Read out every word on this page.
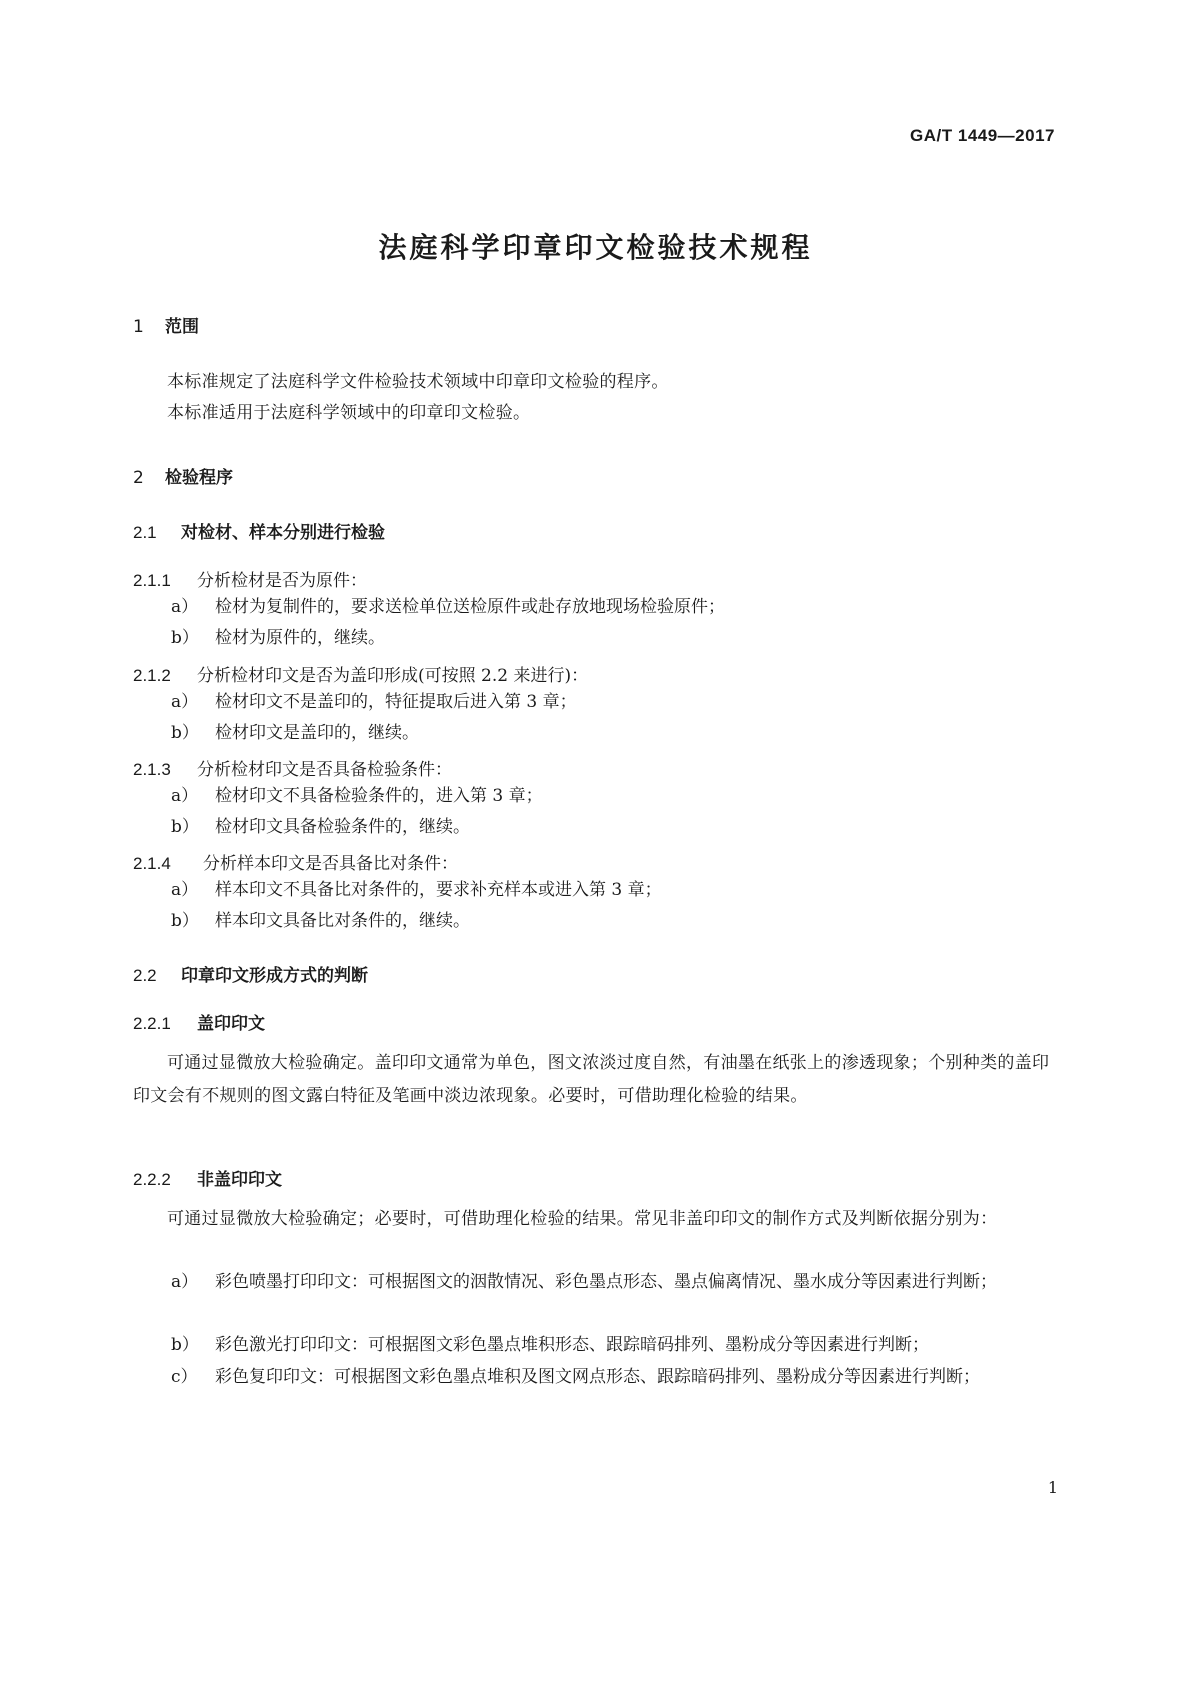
GA/T 1449—2017
法庭科学印章印文检验技术规程
1 范围
本标准规定了法庭科学文件检验技术领域中印章印文检验的程序。
本标准适用于法庭科学领域中的印章印文检验。
2 检验程序
2.1 对检材、样本分别进行检验
2.1.1 分析检材是否为原件：
a） 检材为复制件的，要求送检单位送检原件或赴存放地现场检验原件；
b） 检材为原件的，继续。
2.1.2 分析检材印文是否为盖印形成(可按照 2.2 来进行)：
a） 检材印文不是盖印的，特征提取后进入第 3 章；
b） 检材印文是盖印的，继续。
2.1.3 分析检材印文是否具备检验条件：
a） 检材印文不具备检验条件的，进入第 3 章；
b） 检材印文具备检验条件的，继续。
2.1.4 分析样本印文是否具备比对条件：
a） 样本印文不具备比对条件的，要求补充样本或进入第 3 章；
b） 样本印文具备比对条件的，继续。
2.2 印章印文形成方式的判断
2.2.1 盖印印文
可通过显微放大检验确定。盖印印文通常为单色，图文浓淡过度自然，有油墨在纸张上的渗透现象；个别种类的盖印印文会有不规则的图文露白特征及笔画中淡边浓现象。必要时，可借助理化检验的结果。
2.2.2 非盖印印文
可通过显微放大检验确定；必要时，可借助理化检验的结果。常见非盖印印文的制作方式及判断依据分别为：
a） 彩色喷墨打印印文：可根据图文的洇散情况、彩色墨点形态、墨点偏离情况、墨水成分等因素进行判断；
b） 彩色激光打印印文：可根据图文彩色墨点堆积形态、跟踪暗码排列、墨粉成分等因素进行判断；
c） 彩色复印印文：可根据图文彩色墨点堆积及图文网点形态、跟踪暗码排列、墨粉成分等因素进行判断；
1
